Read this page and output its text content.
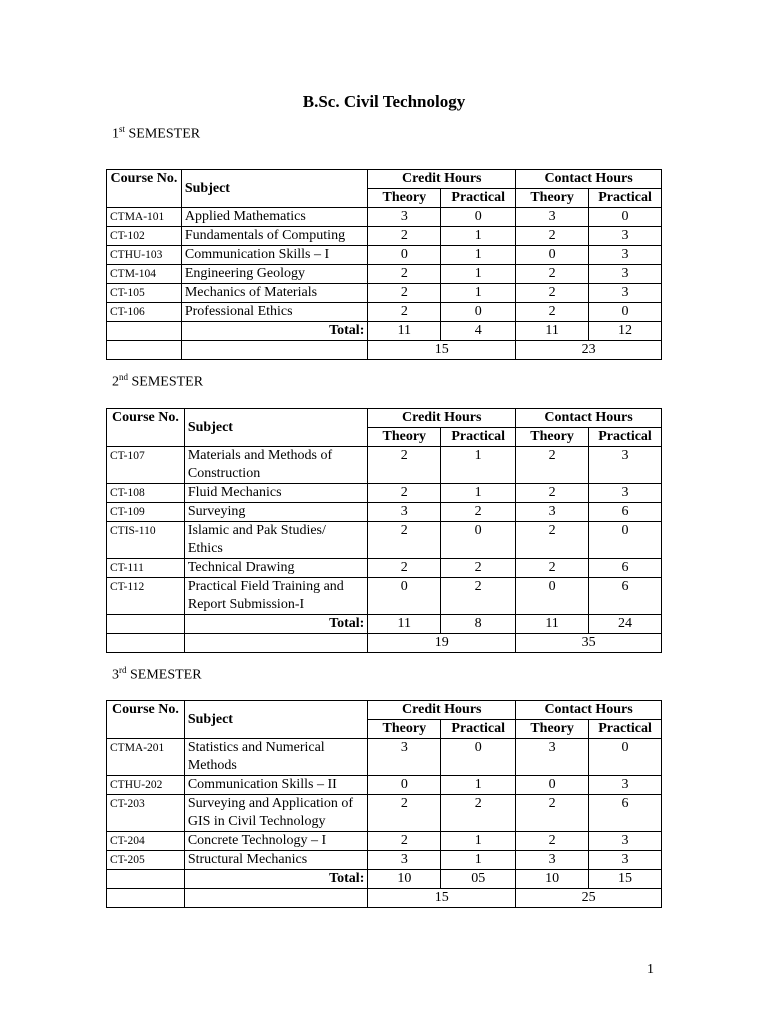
B.Sc. Civil Technology
1st SEMESTER
Course No.	Subject	Credit Hours		Contact Hours	
		Theory	Practical	Theory	Practical
CTMA-101	Applied Mathematics	3	0	3	0
CT-102	Fundamentals of Computing	2	1	2	3
CTHU-103	Communication Skills – I	0	1	0	3
CTM-104	Engineering Geology	2	1	2	3
CT-105	Mechanics of Materials	2	1	2	3
CT-106	Professional Ethics	2	0	2	0
	Total:	11	4	11	12
		15		23	
2nd SEMESTER
Course No.	Subject	Credit Hours		Contact Hours	
		Theory	Practical	Theory	Practical
CT-107	Materials and Methods of Construction	2	1	2	3
CT-108	Fluid Mechanics	2	1	2	3
CT-109	Surveying	3	2	3	6
CTIS-110	Islamic and Pak Studies/ Ethics	2	0	2	0
CT-111	Technical Drawing	2	2	2	6
CT-112	Practical Field Training and Report Submission-I	0	2	0	6
	Total:	11	8	11	24
		19		35	
3rd SEMESTER
Course No.	Subject	Credit Hours		Contact Hours	
		Theory	Practical	Theory	Practical
CTMA-201	Statistics and Numerical Methods	3	0	3	0
CTHU-202	Communication Skills – II	0	1	0	3
CT-203	Surveying and Application of GIS in Civil Technology	2	2	2	6
CT-204	Concrete Technology – I	2	1	2	3
CT-205	Structural Mechanics	3	1	3	3
	Total:	10	05	10	15
		15		25	
1
